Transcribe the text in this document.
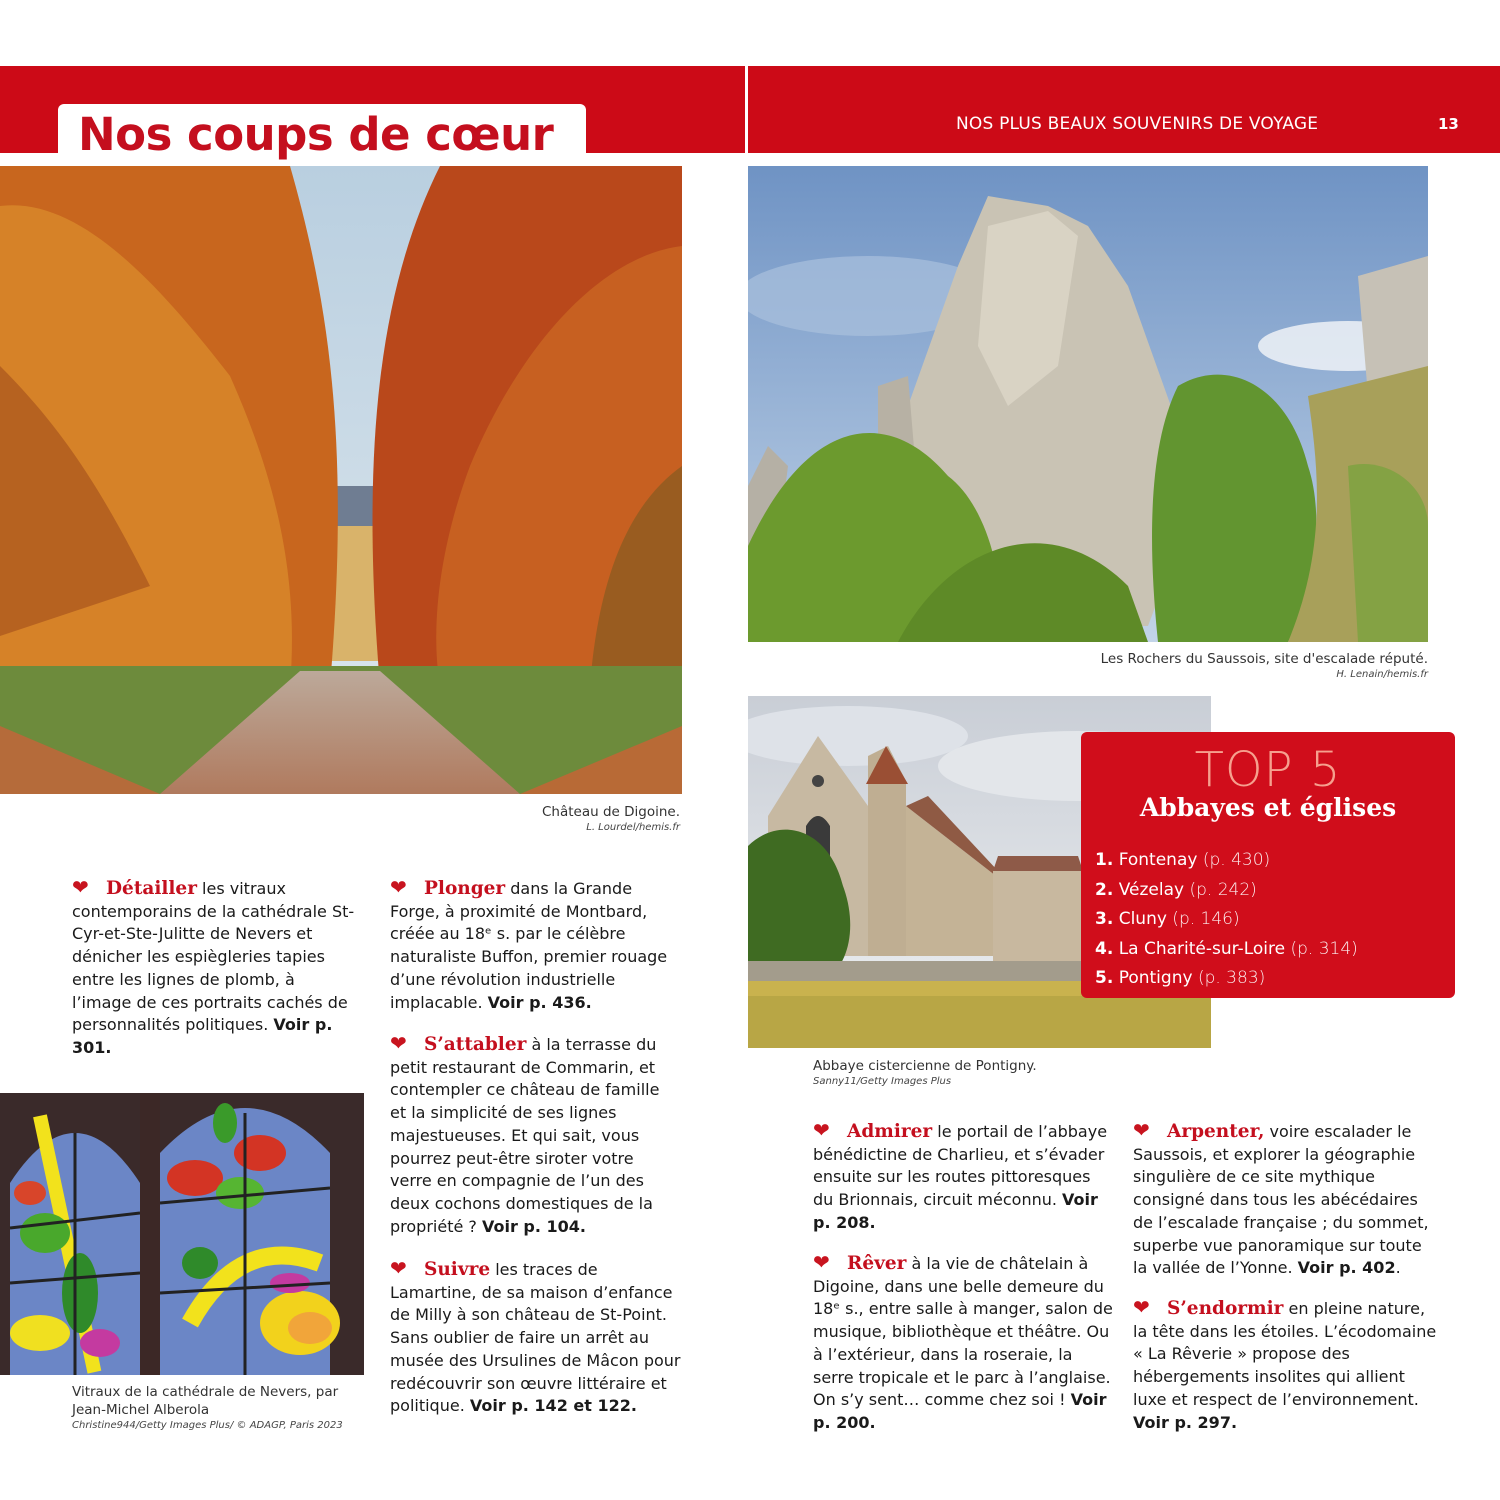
Nos coups de cœur	NOS PLUS BEAUX SOUVENIRS DE VOYAGE	13
Château de Digoine.
L. Lourdel/hemis.fr
Les Rochers du Saussois, site d'escalade réputé.
H. Lenain/hemis.fr
Abbaye cistercienne de Pontigny.
Sanny11/Getty Images Plus
TOP 5
Abbayes et églises
1. Fontenay (p. 430)
2. Vézelay (p. 242)
3. Cluny (p. 146)
4. La Charité-sur-Loire (p. 314)
5. Pontigny (p. 383)
Vitraux de la cathédrale de Nevers, par
Jean-Michel Alberola
Christine944/Getty Images Plus/ © ADAGP, Paris 2023

❤ Détailler les vitraux contemporains de la cathédrale St-Cyr-et-Ste-Julitte de Nevers et dénicher les espiègleries tapies entre les lignes de plomb, à l’image de ces portraits cachés de personnalités politiques. Voir p. 301.

❤ Plonger dans la Grande Forge, à proximité de Montbard, créée au 18ᵉ s. par le célèbre naturaliste Buffon, premier rouage d’une révolution industrielle implacable. Voir p. 436.

❤ S’attabler à la terrasse du petit restaurant de Commarin, et contempler ce château de famille et la simplicité de ses lignes majestueuses. Et qui sait, vous pourrez peut-être siroter votre verre en compagnie de l’un des deux cochons domestiques de la propriété ? Voir p. 104.

❤ Suivre les traces de Lamartine, de sa maison d’enfance de Milly à son château de St-Point. Sans oublier de faire un arrêt au musée des Ursulines de Mâcon pour redécouvrir son œuvre littéraire et politique. Voir p. 142 et 122.

❤ Admirer le portail de l’abbaye bénédictine de Charlieu, et s’évader ensuite sur les routes pittoresques du Brionnais, circuit méconnu. Voir p. 208.

❤ Rêver à la vie de châtelain à Digoine, dans une belle demeure du 18ᵉ s., entre salle à manger, salon de musique, bibliothèque et théâtre. Ou à l’extérieur, dans la roseraie, la serre tropicale et le parc à l’anglaise. On s’y sent… comme chez soi ! Voir p. 200.

❤ Arpenter, voire escalader le Saussois, et explorer la géographie singulière de ce site mythique consigné dans tous les abécédaires de l’escalade française ; du sommet, superbe vue panoramique sur toute la vallée de l’Yonne. Voir p. 402.

❤ S’endormir en pleine nature, la tête dans les étoiles. L’écodomaine « La Rêverie » propose des hébergements insolites qui allient luxe et respect de l’environnement. Voir p. 297.
